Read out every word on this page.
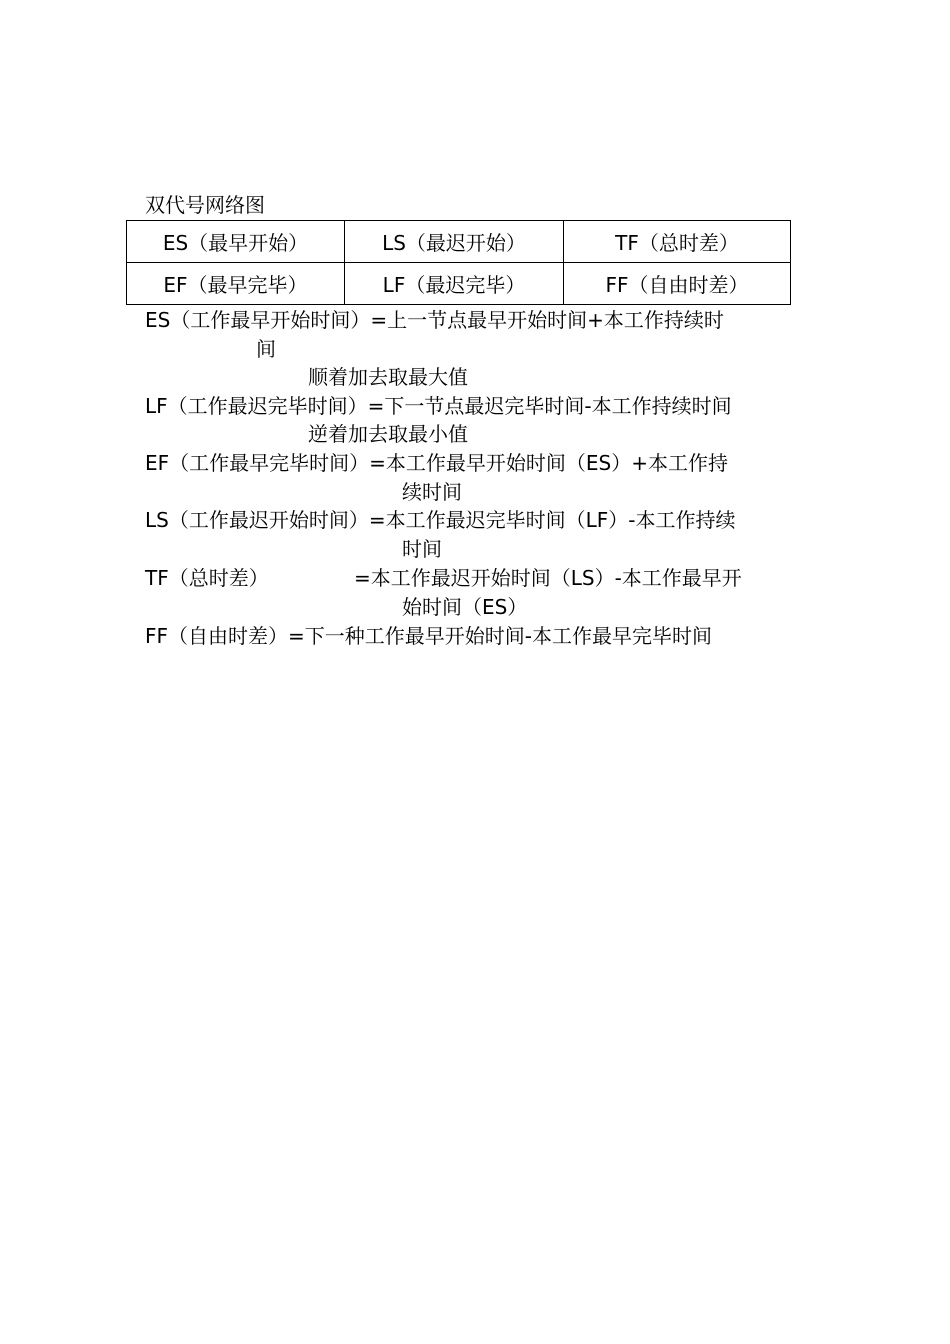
双代号网络图
ES（最早开始）	LS（最迟开始）	TF（总时差）
EF（最早完毕）	LF（最迟完毕）	FF（自由时差）
ES（工作最早开始时间）=上一节点最早开始时间+本工作持续时
间
顺着加去取最大值
LF（工作最迟完毕时间）=下一节点最迟完毕时间-本工作持续时间
逆着加去取最小值
EF（工作最早完毕时间）=本工作最早开始时间（ES）+本工作持
续时间
LS（工作最迟开始时间）=本工作最迟完毕时间（LF）-本工作持续
时间
TF（总时差）	=本工作最迟开始时间（LS）-本工作最早开
始时间（ES）
FF（自由时差）=下一种工作最早开始时间-本工作最早完毕时间
